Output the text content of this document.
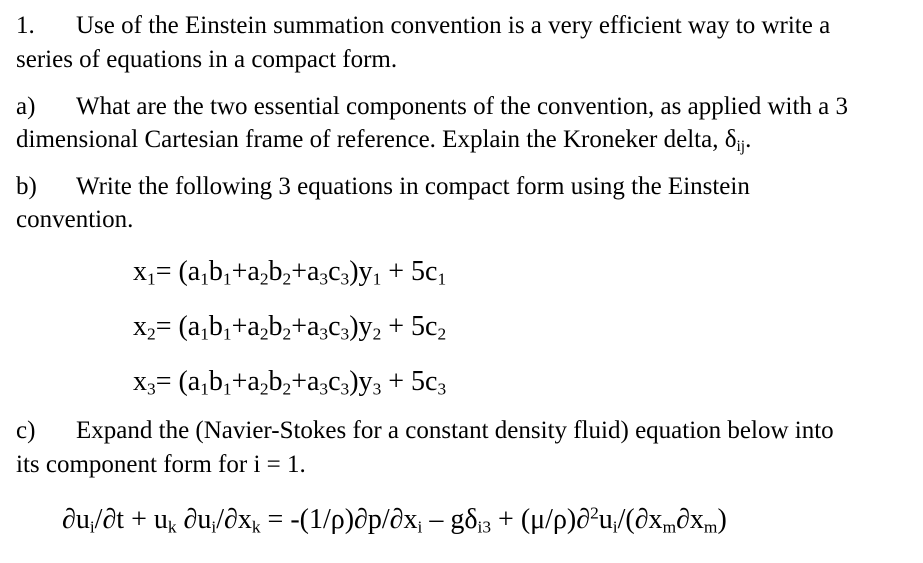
1. Use of the Einstein summation convention is a very efficient way to write a
series of equations in a compact form.
a) What are the two essential components of the convention, as applied with a 3
dimensional Cartesian frame of reference. Explain the Kroneker delta, $\delta_{ij}$.
b) Write the following 3 equations in compact form using the Einstein
convention.
$x_1= (a_1b_1+a_2b_2+a_3c_3)y_1 + 5c_1$
$x_2= (a_1b_1+a_2b_2+a_3c_3)y_2 + 5c_2$
$x_3= (a_1b_1+a_2b_2+a_3c_3)y_3 + 5c_3$
c) Expand the (Navier-Stokes for a constant density fluid) equation below into
its component form for i = 1.
$\partial u_i/\partial t + u_k$ $\partial u_i/\partial x_k = -(1/\rho)\partial p/\partial x_i - g\delta_{i3} + (\mu/\rho)\partial^2u_i/(\partial x_m\partial x_m)$
